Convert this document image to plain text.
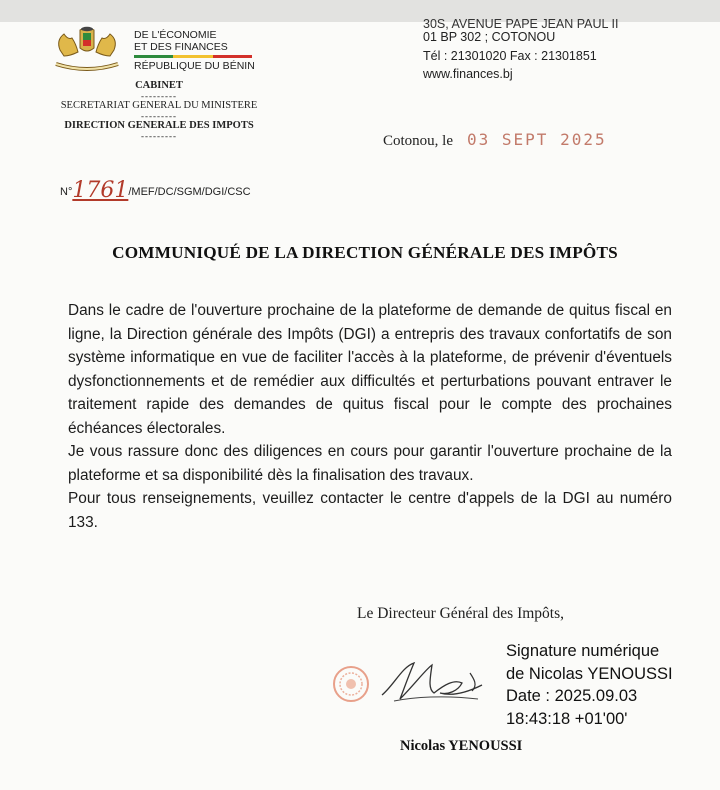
DE L'ÉCONOMIE
ET DES FINANCES
RÉPUBLIQUE DU BÉNIN
30S, AVENUE PAPE JEAN PAUL II
01 BP 302 ; COTONOU
Tél : 21301020 Fax : 21301851
www.finances.bj
CABINET
---------
SECRETARIAT GENERAL DU MINISTERE
---------
DIRECTION GENERALE DES IMPOTS
---------	Cotonou, le 03 SEPT 2025
N°1761/MEF/DC/SGM/DGI/CSC
COMMUNIQUÉ DE LA DIRECTION GÉNÉRALE DES IMPÔTS

Dans le cadre de l'ouverture prochaine de la plateforme de demande de quitus fiscal en ligne, la Direction générale des Impôts (DGI) a entrepris des travaux confortatifs de son système informatique en vue de faciliter l'accès à la plateforme, de prévenir d'éventuels dysfonctionnements et de remédier aux difficultés et perturbations pouvant entraver le traitement rapide des demandes de quitus fiscal pour le compte des prochaines échéances électorales.

Je vous rassure donc des diligences en cours pour garantir l'ouverture prochaine de la plateforme et sa disponibilité dès la finalisation des travaux.

Pour tous renseignements, veuillez contacter le centre d'appels de la DGI au numéro 133.

Le Directeur Général des Impôts,
Signature numérique
de Nicolas YENOUSSI
Date : 2025.09.03
18:43:18 +01'00'
Nicolas YENOUSSI
